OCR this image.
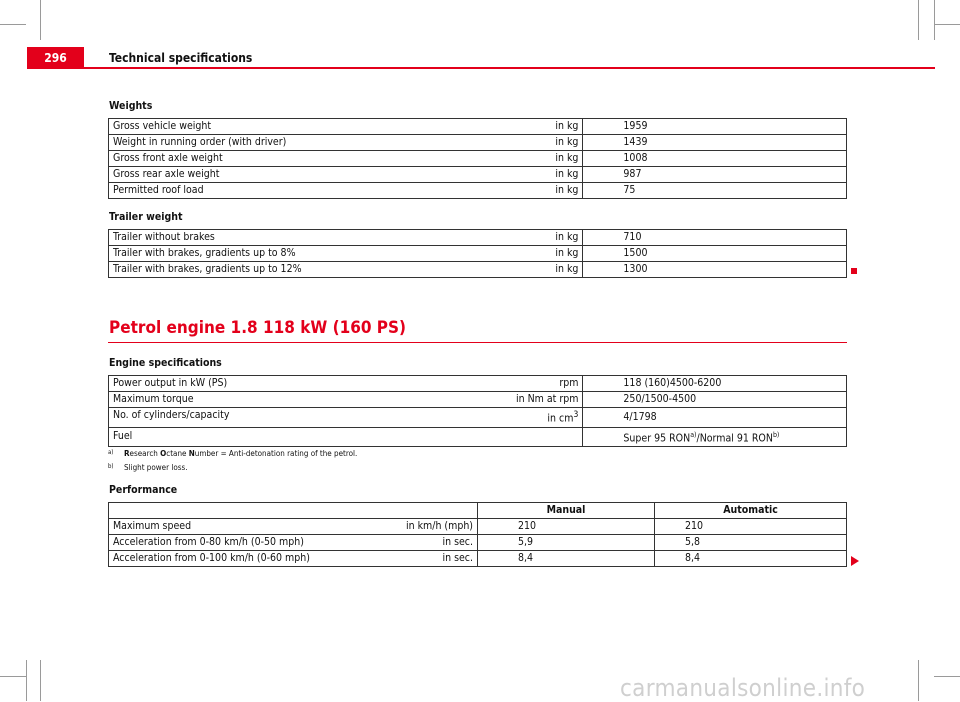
296	Technical specifications
Weights
Gross vehicle weight in kg	1959
Weight in running order (with driver) in kg	1439
Gross front axle weight in kg	1008
Gross rear axle weight in kg	987
Permitted roof load in kg	75
Trailer weight
Trailer without brakes in kg	710
Trailer with brakes, gradients up to 8% in kg	1500
Trailer with brakes, gradients up to 12% in kg	1300
Petrol engine 1.8 118 kW (160 PS)
Engine specifications
Power output in kW (PS) rpm	118 (160)4500-6200
Maximum torque in Nm at rpm	250/1500-4500
No. of cylinders/capacity in $cm^3$	4/1798
Fuel	Super 95 RON$^{a)}$/Normal 91 RON$^{b)}$
a) Research Octane Number = Anti-detonation rating of the petrol.
b) Slight power loss.
Performance
	Manual	Automatic
Maximum speed in km/h (mph)	210	210
Acceleration from 0-80 km/h (0-50 mph) in sec.	5,9	5,8
Acceleration from 0-100 km/h (0-60 mph) in sec.	8,4	8,4
carmanualsonline.info
